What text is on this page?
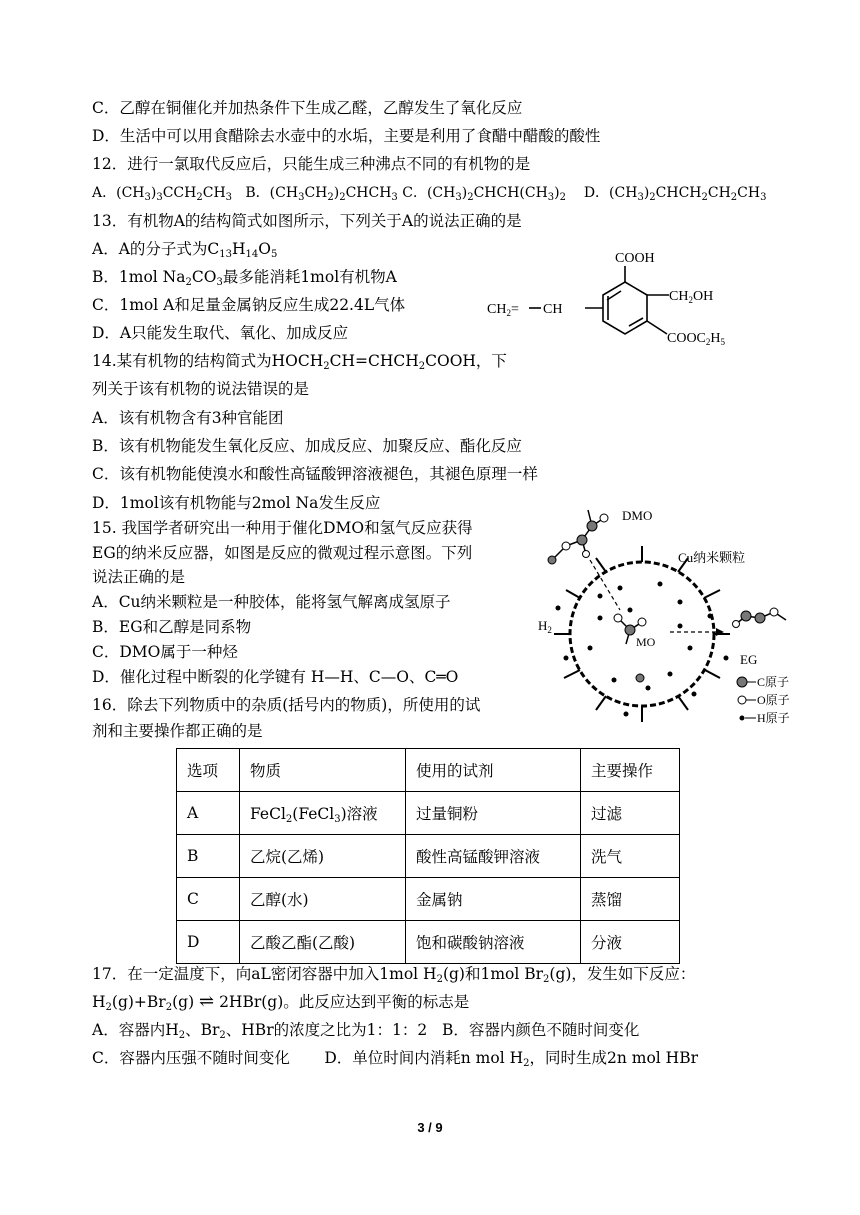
C．乙醇在铜催化并加热条件下生成乙醛，乙醇发生了氧化反应
D．生活中可以用食醋除去水壶中的水垢，主要是利用了食醋中醋酸的酸性
12．进行一氯取代反应后，只能生成三种沸点不同的有机物的是
A．$(CH_3)_3CCH_2CH_3$   B．$(CH_3CH_2)_2CHCH_3$ C．$(CH_3)_2CHCH(CH_3)_2$    D．$(CH_3)_2CHCH_2CH_2CH_3$
13．有机物A的结构简式如图所示，下列关于A的说法正确的是
A．A的分子式为$C_{13}H_{14}O_5$
B．1mol $Na_2CO_3$最多能消耗1mol有机物A
C．1mol A和足量金属钠反应生成22.4L气体
D．A只能发生取代、氧化、加成反应
COOH
$CH_2=$ CH
$CH_2OH$
$COOC_2H_5$
14.某有机物的结构简式为$HOCH_2CH=CHCH_2COOH$，下
列关于该有机物的说法错误的是
A．该有机物含有3种官能团
B．该有机物能发生氧化反应、加成反应、加聚反应、酯化反应
C．该有机物能使溴水和酸性高锰酸钾溶液褪色，其褪色原理一样
D．1mol该有机物能与2mol Na发生反应
15. 我国学者研究出一种用于催化DMO和氢气反应获得
EG的纳米反应器，如图是反应的微观过程示意图。下列
说法正确的是
A．Cu纳米颗粒是一种胶体，能将氢气解离成氢原子
B．EG和乙醇是同系物
C．DMO属于一种烃
D．催化过程中断裂的化学键有 H—H、C—O、C═O
DMO
Cu纳米颗粒
$H_2$
MO
EG
C原子
O原子
H原子
16．除去下列物质中的杂质(括号内的物质)，所使用的试
剂和主要操作都正确的是
选项	物质	使用的试剂	主要操作
A	FeCl$_2$(FeCl$_3$)溶液	过量铜粉	过滤
B	乙烷(乙烯)	酸性高锰酸钾溶液	洗气
C	乙醇(水)	金属钠	蒸馏
D	乙酸乙酯(乙酸)	饱和碳酸钠溶液	分液
17．在一定温度下，向aL密闭容器中加入1mol $H_2(g)$和1mol $Br_2(g)$，发生如下反应：
$H_2(g)+Br_2(g)$ ⇌ 2HBr(g)。此反应达到平衡的标志是
A．容器内$H_2$、$Br_2$、HBr的浓度之比为1：1：2   B．容器内颜色不随时间变化
C．容器内压强不随时间变化       D．单位时间内消耗n mol $H_2$，同时生成2n mol HBr
3 / 9
